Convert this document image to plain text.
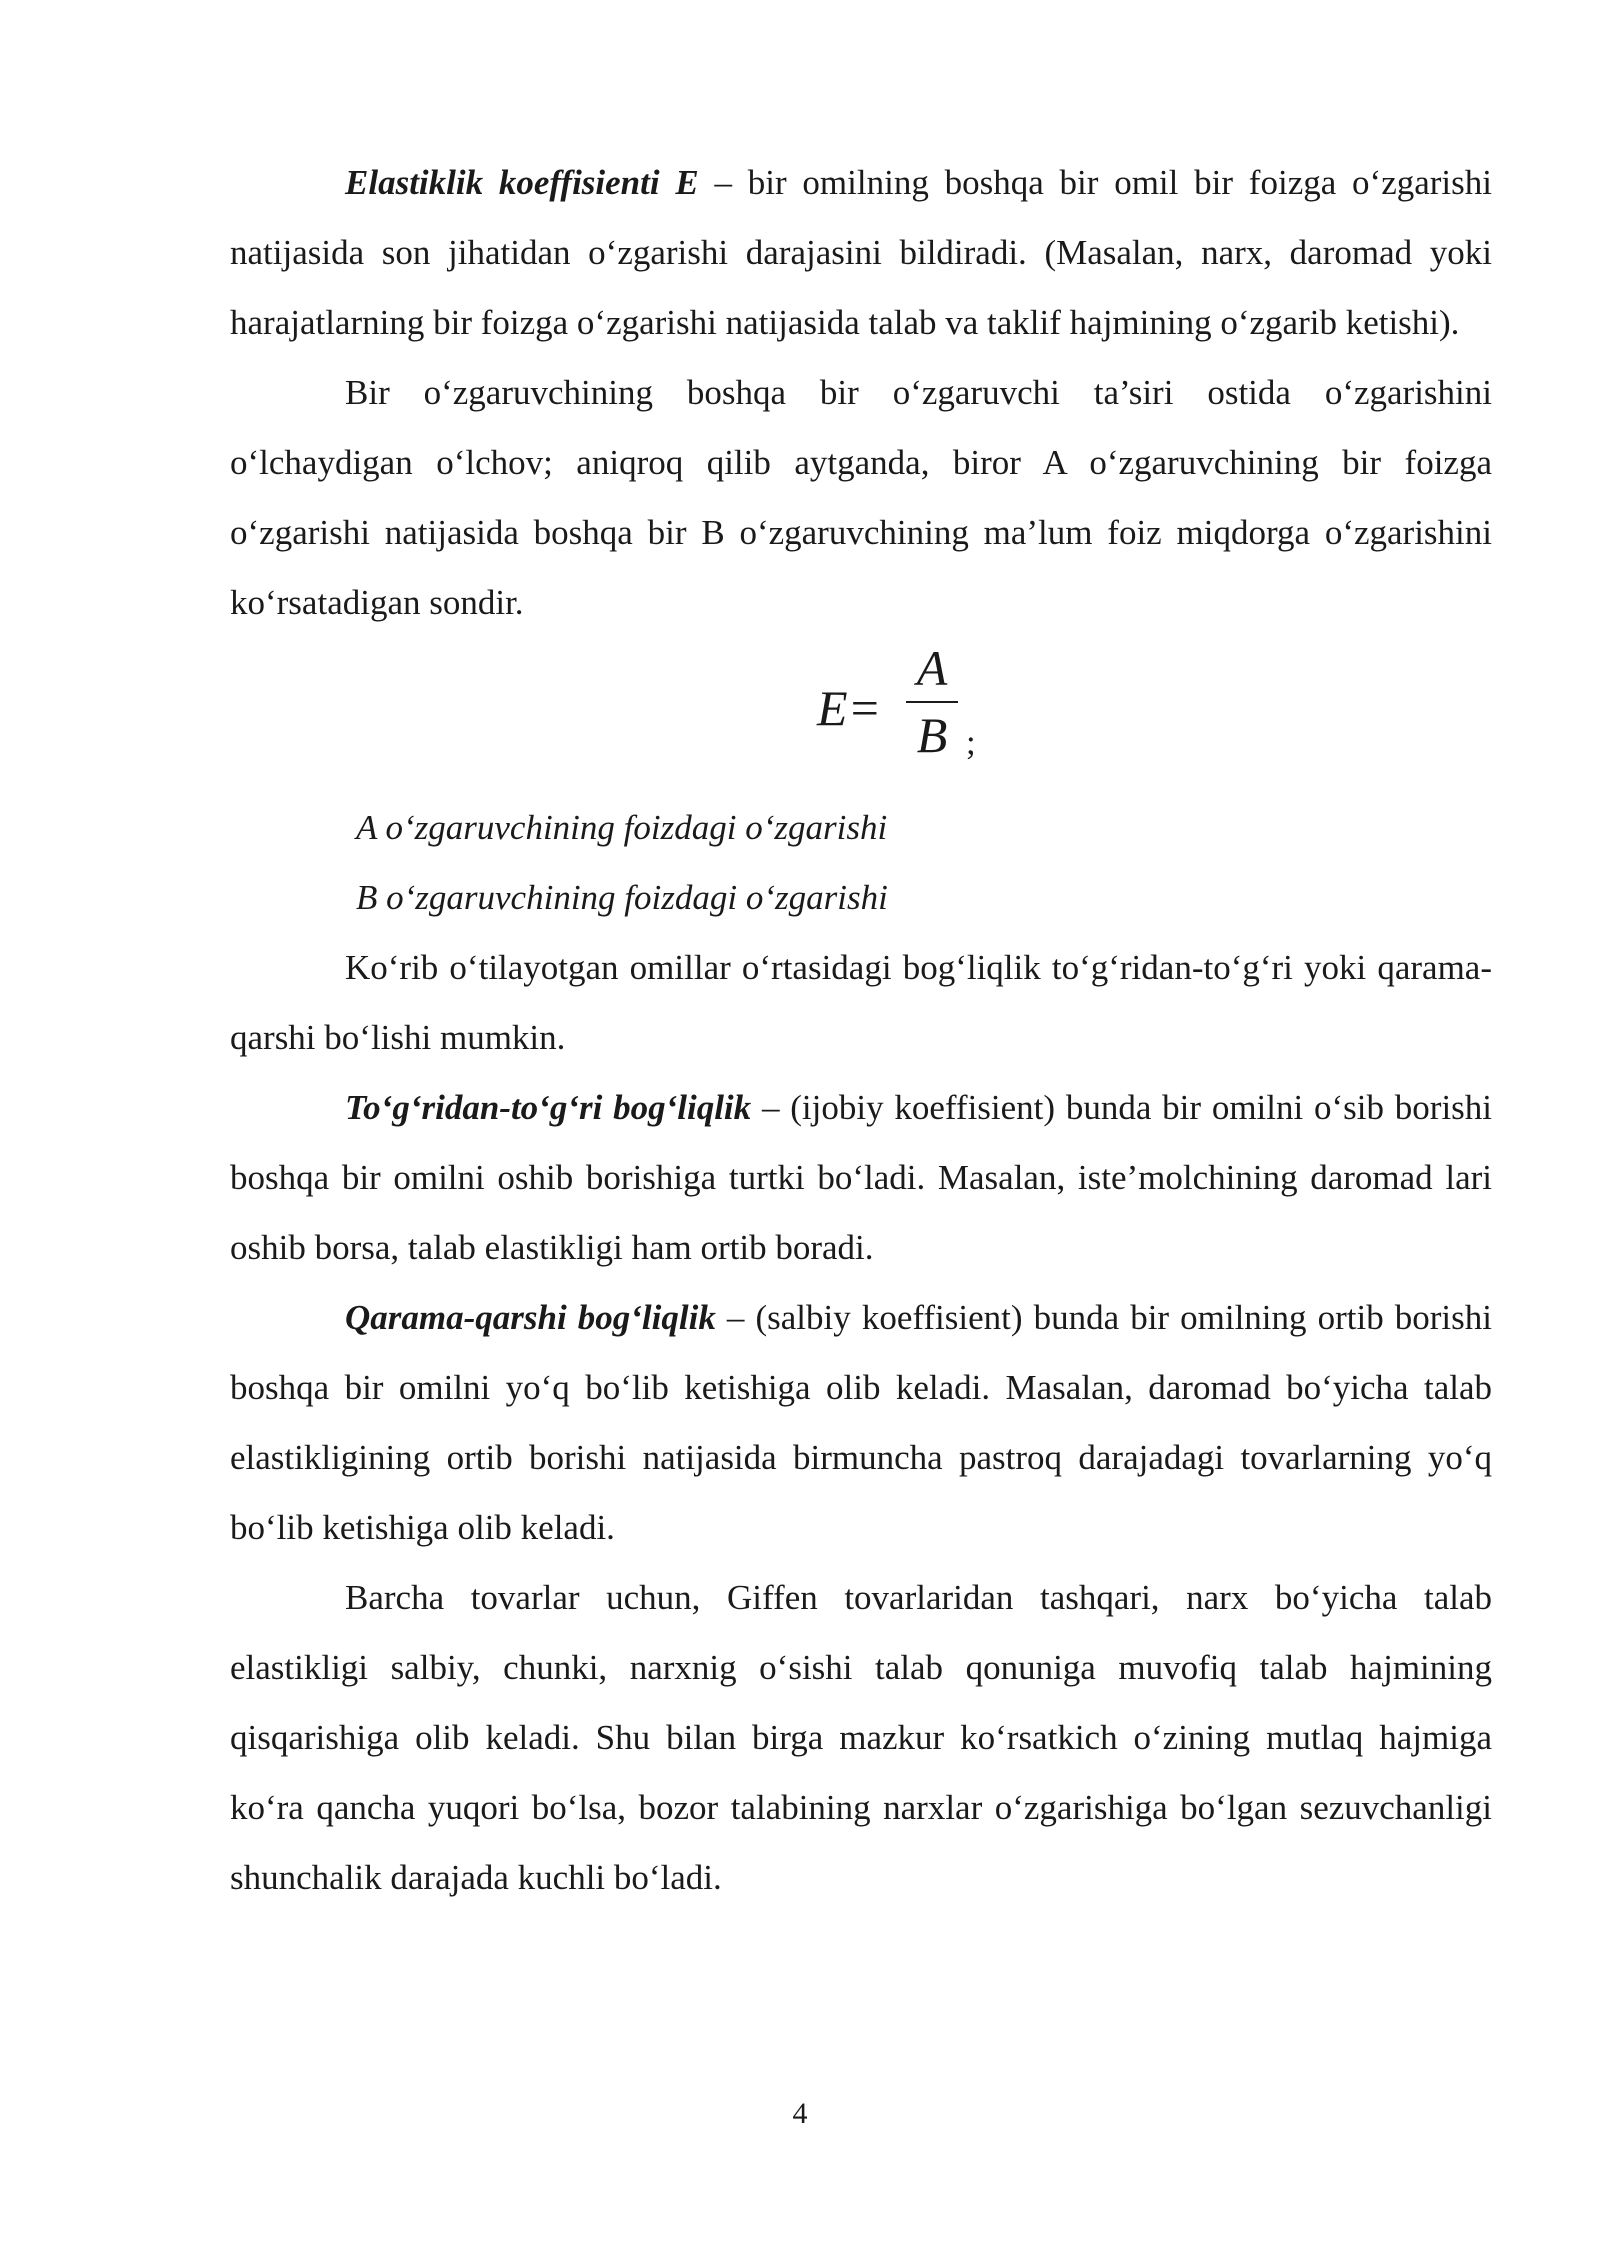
Elastiklik koeffisienti E – bir omilning boshqa bir omil bir foizga o‘zgarishi natijasida son jihatidan o‘zgarishi darajasini bildiradi. (Masalan, narx, daromad yoki harajatlarning bir foizga o‘zgarishi natijasida talab va taklif hajmining o‘zgarib ketishi).

Bir o‘zgaruvchining boshqa bir o‘zgaruvchi ta’siri ostida o‘zgarishini o‘lchaydigan o‘lchov; aniqroq qilib aytganda, biror A o‘zgaruvchining bir foizga o‘zgarishi natijasida boshqa bir B o‘zgaruvchining ma’lum foiz miqdorga o‘zgarishini ko‘rsatadigan sondir.

E=
A
B ;

A o‘zgaruvchining foizdagi o‘zgarishi

B o‘zgaruvchining foizdagi o‘zgarishi

Ko‘rib o‘tilayotgan omillar o‘rtasidagi bog‘liqlik to‘g‘ridan-to‘g‘ri yoki qarama-qarshi bo‘lishi mumkin.

To‘g‘ridan-to‘g‘ri bog‘liqlik – (ijobiy koeffisient) bunda bir omilni o‘sib borishi boshqa bir omilni oshib borishiga turtki bo‘ladi. Masalan, iste’molchining daromad lari oshib borsa, talab elastikligi ham ortib boradi.

Qarama-qarshi bog‘liqlik – (salbiy koeffisient) bunda bir omilning ortib borishi boshqa bir omilni yo‘q bo‘lib ketishiga olib keladi. Masalan, daromad bo‘yicha talab elastikligining ortib borishi natijasida birmuncha pastroq darajadagi tovarlarning yo‘q bo‘lib ketishiga olib keladi.

Barcha tovarlar uchun, Giffen tovarlaridan tashqari, narx bo‘yicha talab elastikligi salbiy, chunki, narxnig o‘sishi talab qonuniga muvofiq talab hajmining qisqarishiga olib keladi. Shu bilan birga mazkur ko‘rsatkich o‘zining mutlaq hajmiga ko‘ra qancha yuqori bo‘lsa, bozor talabining narxlar o‘zgarishiga bo‘lgan sezuvchanligi shunchalik darajada kuchli bo‘ladi.

4
